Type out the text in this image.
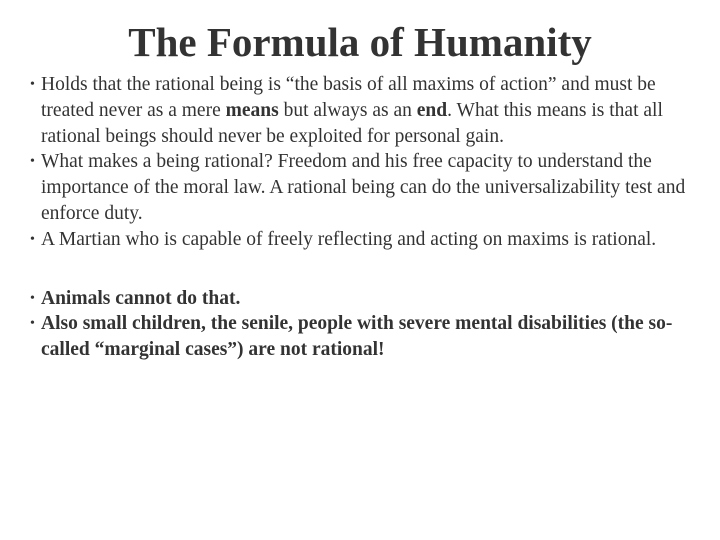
The Formula of Humanity
• Holds that the rational being is “the basis of all maxims of action” and must be treated never as a mere means but always as an end. What this means is that all rational beings should never be exploited for personal gain.
• What makes a being rational? Freedom and his free capacity to understand the importance of the moral law. A rational being can do the universalizability test and enforce duty.
• A Martian who is capable of freely reflecting and acting on maxims is rational.
• Animals cannot do that.
• Also small children, the senile, people with severe mental disabilities (the so-called “marginal cases”) are not rational!
